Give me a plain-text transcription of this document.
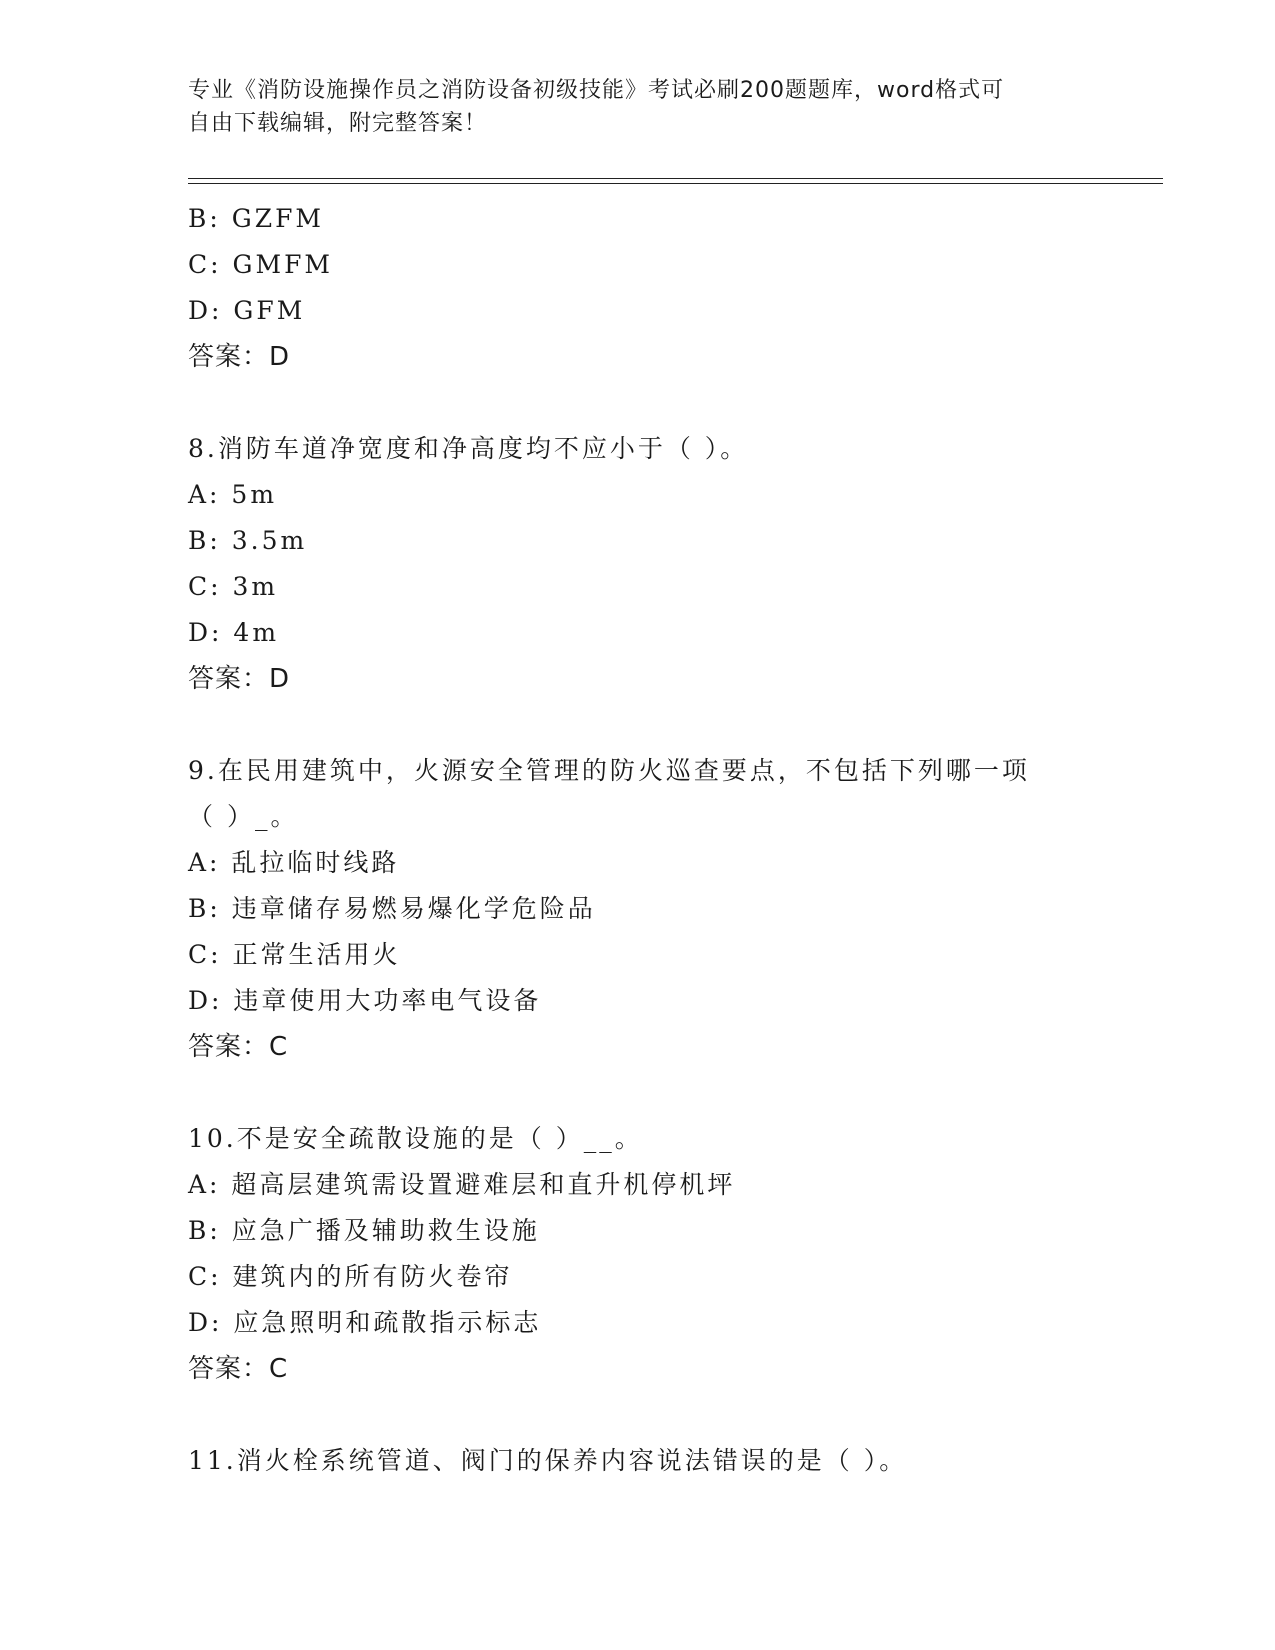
专业《消防设施操作员之消防设备初级技能》考试必刷200题题库，word格式可
自由下载编辑，附完整答案！
B: GZFM
C: GMFM
D: GFM
答案：D
8.消防车道净宽度和净高度均不应小于（ ）。
A: 5m
B: 3.5m
C: 3m
D: 4m
答案：D
9.在民用建筑中，火源安全管理的防火巡查要点，不包括下列哪一项
（ ）_。
A: 乱拉临时线路
B: 违章储存易燃易爆化学危险品
C: 正常生活用火
D: 违章使用大功率电气设备
答案：C
10.不是安全疏散设施的是（ ）__。
A: 超高层建筑需设置避难层和直升机停机坪
B: 应急广播及辅助救生设施
C: 建筑内的所有防火卷帘
D: 应急照明和疏散指示标志
答案：C
11.消火栓系统管道、阀门的保养内容说法错误的是（ ）。
